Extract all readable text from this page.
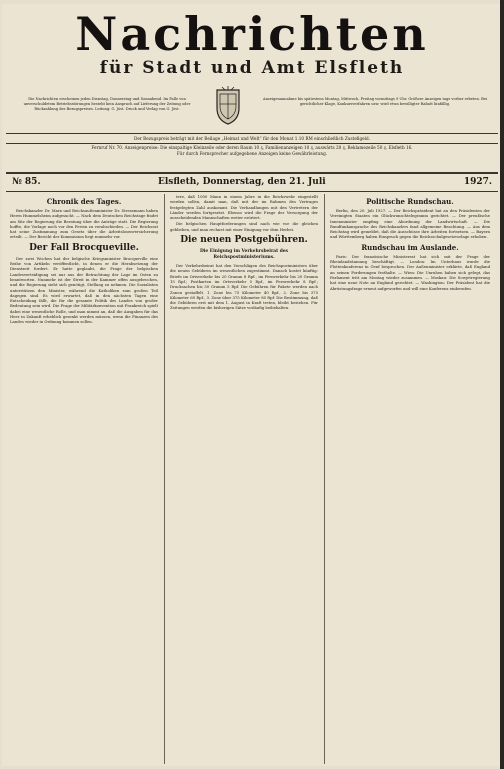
Nachrichten
für Stadt und Amt Elsfleth
Die Nachrichten erscheinen jeden Dienstag, Donnerstag und Sonnabend. Im Falle von unverschuldetem Betriebsstörungen besteht kein Anspruch auf Lieferung der Zeitung oder Rückzahlung des Bezugspreises. Leitung: G. Jöst. Druck und Verlag von G. Jöst.
Anzeigenannahme bis spätestens Montag, Mittwoch, Freitag vormittags 9 Uhr. Größere Anzeigen tags vorher erbeten. Bei gerichtlicher Klage, Konkursverfahren usw. wird etwa bewilligter Rabatt hinfällig.
Der Bezugspreis beträgt mit der Beilage „Heimat und Welt“ für den Monat 1.10 RM einschließlich Zustellgeld.
Fernruf Nr. 70. Anzeigenpreise: Die einspaltige Kleinzeile oder deren Raum 10 ₰, Familienanzeigen 10 ₰, auswärts 20 ₰, Reklamezeile 50 ₰. Elsfleth 16.
Für durch Fernsprecher aufgegebene Anzeigen keine Gewährleistung.
№ 85.	Elsfleth, Donnerstag, den 21. Juli	1927.
Chronik des Tages.

Reichskanzler Dr. Marx und Reichsaußenminister Dr. Stresemann haben Herrn Hummelsheim aufgesucht. — Nach dem Deutschen Reichstage findet am Sitz der Regierung die Beratung über die Anträge statt. Die Regierung hoffte, die Vorlage noch vor den Ferien zu verabschieden. — Der Reichsrat hat seine Zustimmung zum Gesetz über die Arbeitslosenversicherung erteilt. — Der Bericht der Kommission liegt nunmehr vor.

Der Fall Brocqueville.

Der zwei Wochen hat der belgische Kriegsminister Brocqueville eine Reihe von Artikeln veröffentlicht, in denen er die Herabsetzung der Dienstzeit fordert. Er hatte geglaubt, die Frage der belgischen Landesverteidigung sei nur aus der Betrachtung der Lage im Osten zu beantworten. Nunmehr ist der Streit in der Kammer offen ausgebrochen, und die Regierung sieht sich genötigt, Stellung zu nehmen. Die Sozialisten unterstützen den Minister, während die Katholiken zum großen Teil dagegen sind. Es wird erwartet, daß in den nächsten Tagen eine Entscheidung fällt, die für die gesamte Politik des Landes von großer Bedeutung sein wird. Die Frage der Militärkonvention mit Frankreich spielt dabei eine wesentliche Rolle, und man nimmt an, daß die Ausgaben für das Heer in Zukunft erheblich gesenkt werden müssen, wenn die Finanzen des Landes wieder in Ordnung kommen sollen.

tere, daß 1000 Mann in einem Jahre in die Reichswehr eingestellt werden sollen, damit man, daß mit der im Rahmen des Vertrages festgelegten Zahl auskommt. Die Verhandlungen mit den Vertretern der Länder werden fortgesetzt. Ebenso wird die Frage der Versorgung der ausscheidenden Mannschaften weiter erörtert.

Die belgischen Hauptforderungen sind nach wie vor die gleichen geblieben, und man rechnet mit einer Einigung vor dem Herbst.

Die neuen Postgebühren.
Die Einigung im Verkehrsbeirat des Reichspostministeriums.

Der Verkehrsbeirat hat den Vorschlägen des Reichspostministers über die neuen Gebühren im wesentlichen zugestimmt. Danach kostet künftig: Briefe im Ortsverkehr bis 20 Gramm 8 Rpf., im Fernverkehr bis 20 Gramm 15 Rpf.; Postkarten im Ortsverkehr 5 Rpf., im Fernverkehr 8 Rpf.; Drucksachen bis 50 Gramm 5 Rpf. Die Gebühren für Pakete werden nach Zonen gestaffelt. 1. Zone bis 75 Kilometer 40 Rpf., 2. Zone bis 375 Kilometer 60 Rpf., 3. Zone über 375 Kilometer 80 Rpf. Die Bestimmung, daß die Gebühren erst mit dem 1. August in Kraft treten, bleibt bestehen. Für Zeitungen werden die bisherigen Sätze vorläufig beibehalten.

Politische Rundschau.

Berlin, den 20. Juli 1927. — Der Reichspräsident hat an den Präsidenten der Vereinigten Staaten ein Glückwunschtelegramm gerichtet. — Der preußische Innenminister empfing eine Abordnung der Landwirtschaft. — Die Rundfunkansprache des Reichskanzlers fand allgemeine Beachtung. — Aus dem Reichstag wird gemeldet, daß die Ausschüsse ihre Arbeiten fortsetzen. — Bayern und Württemberg haben Einspruch gegen die Reichsschulgesetzvorlage erhoben.

Rundschau im Auslande.

Paris: Der französische Ministerrat hat sich mit der Frage der Rheinlandräumung beschäftigt. — London: Im Unterhaus wurde die Flottenkonferenz in Genf besprochen. Der Außenminister erklärte, daß England an seinen Forderungen festhalte. — Wien: Die Unruhen haben sich gelegt, das Parlament tritt am Montag wieder zusammen. — Moskau: Die Sowjetregierung hat eine neue Note an England gerichtet. — Washington: Der Präsident hat die Abrüstungsfrage erneut aufgeworfen und will eine Konferenz einberufen.
